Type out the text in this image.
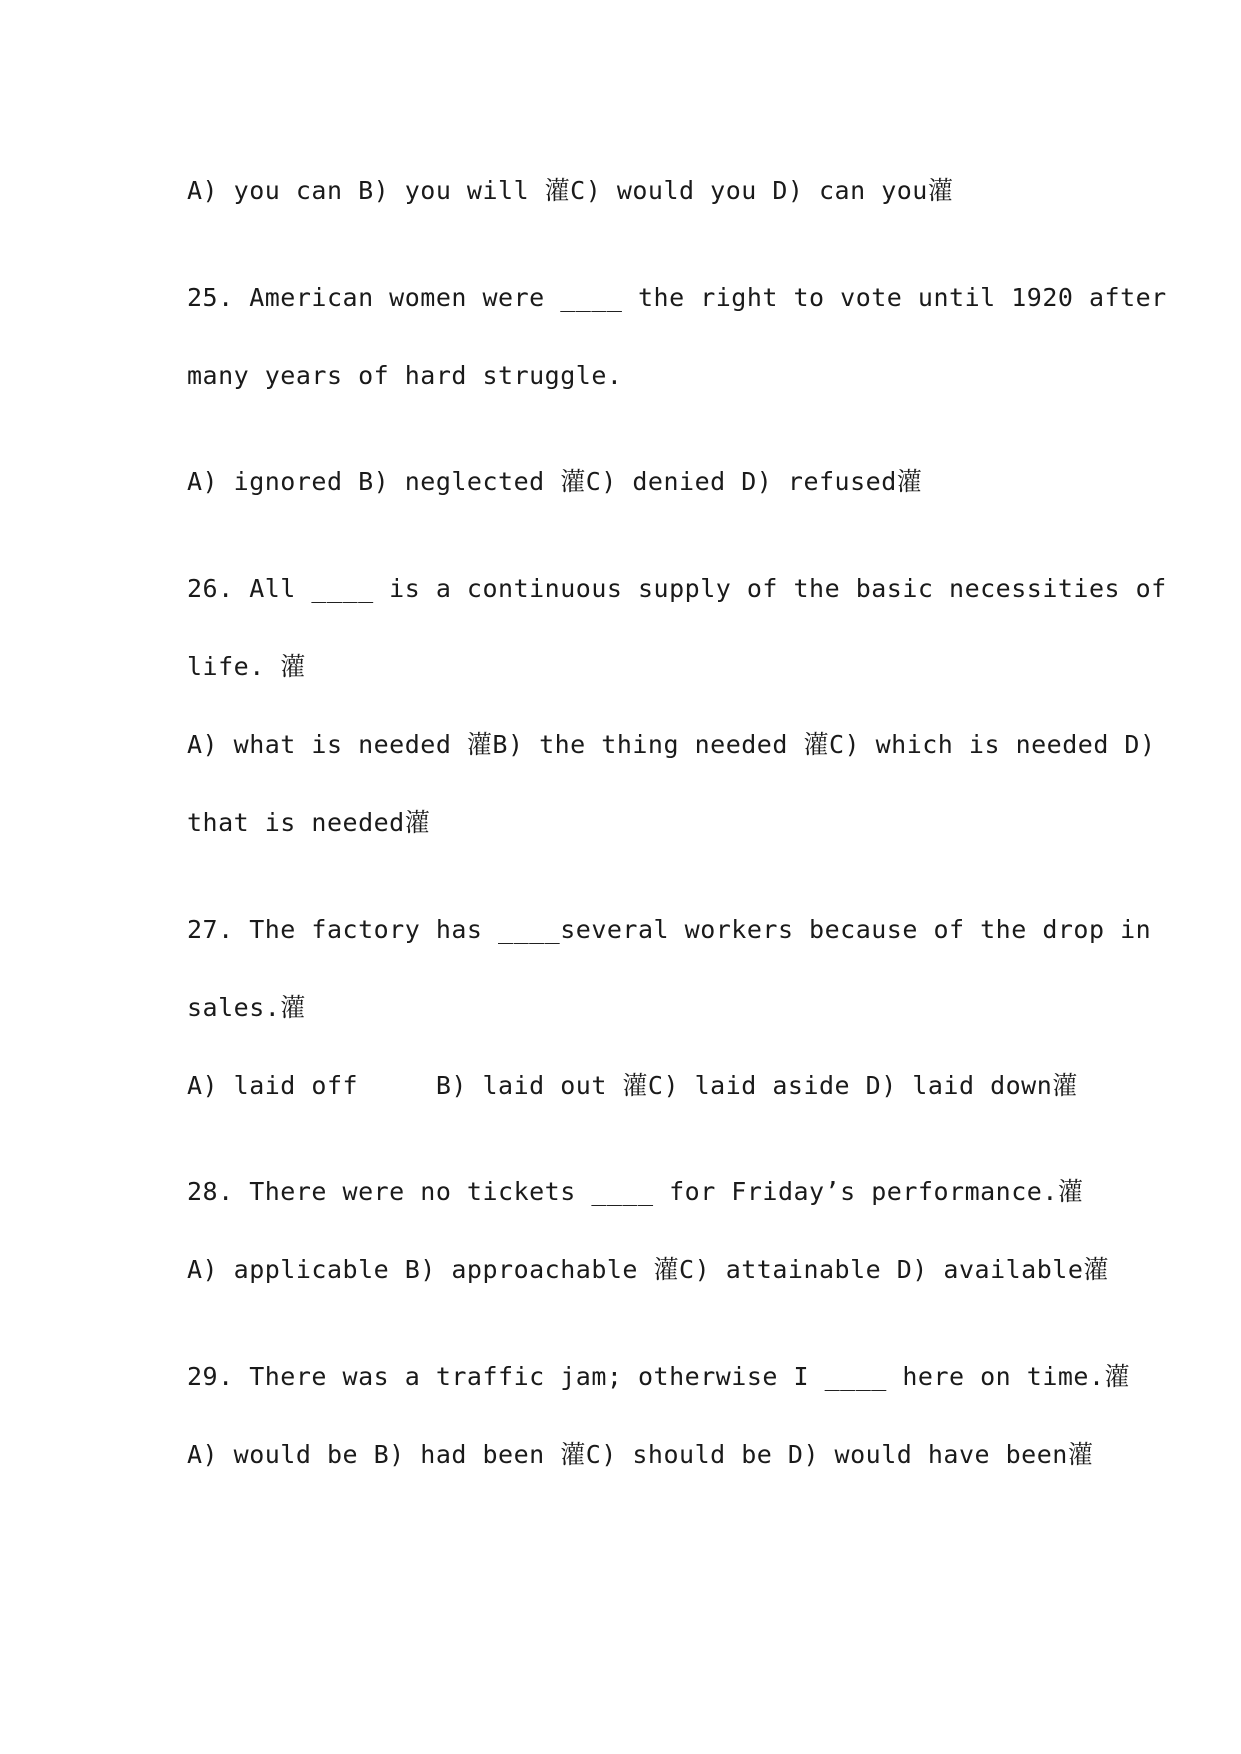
A) you can B) you will 灌C) would you D) can you灌
25. American women were ____ the right to vote until 1920 after
many years of hard struggle.
A) ignored B) neglected 灌C) denied D) refused灌
26. All ____ is a continuous supply of the basic necessities of
life. 灌
A) what is needed 灌B) the thing needed 灌C) which is needed D)
that is needed灌
27. The factory has ____several workers because of the drop in
sales.灌
A) laid off     B) laid out 灌C) laid aside D) laid down灌
28. There were no tickets ____ for Friday’s performance.灌
A) applicable B) approachable 灌C) attainable D) available灌
29. There was a traffic jam; otherwise I ____ here on time.灌
A) would be B) had been 灌C) should be D) would have been灌
